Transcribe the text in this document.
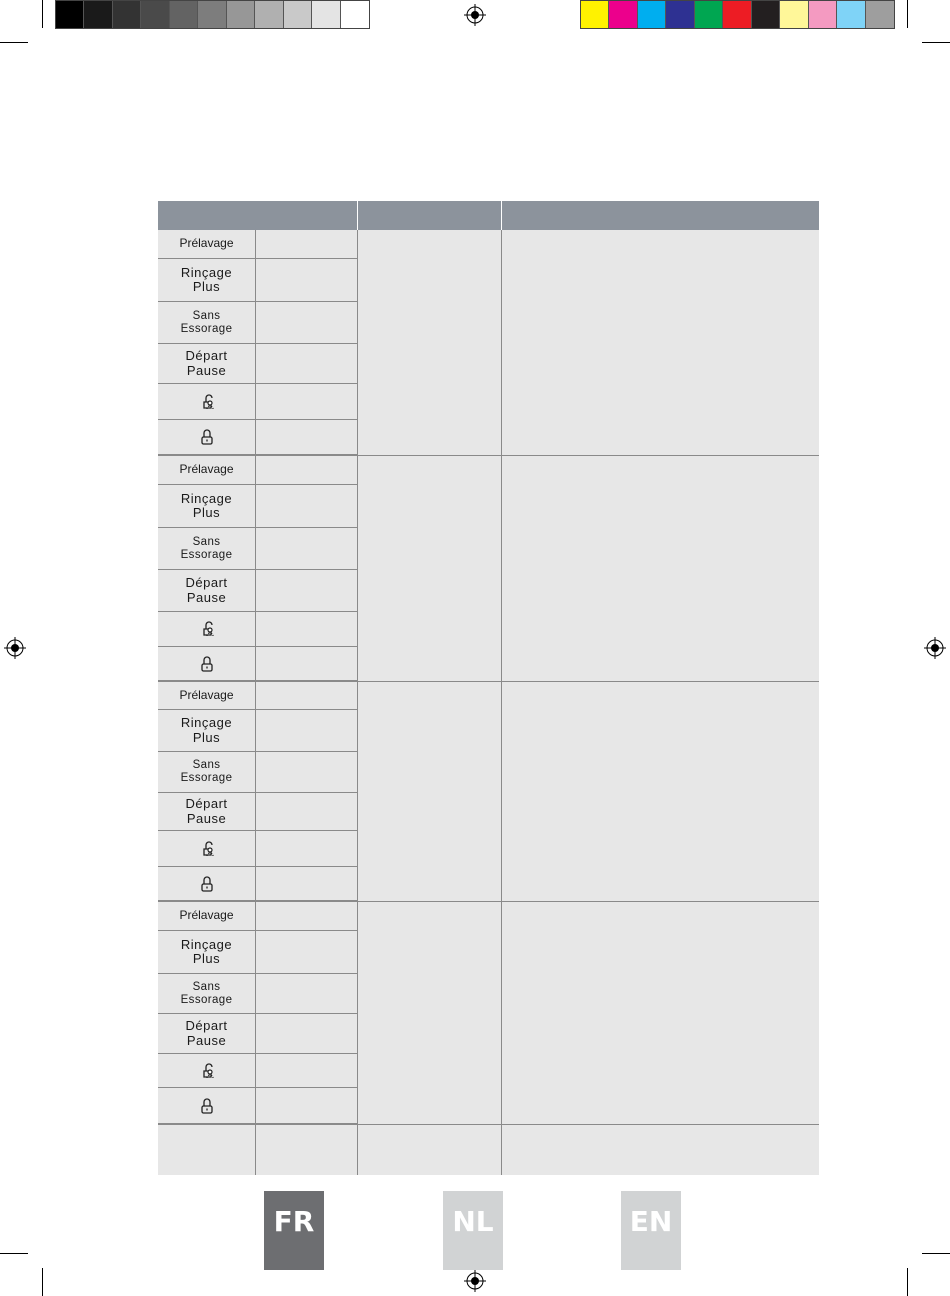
Prélavage
Rinçage
Plus
Sans
Essorage
Départ
Pause
Prélavage
Rinçage
Plus
Sans
Essorage
Départ
Pause
Prélavage
Rinçage
Plus
Sans
Essorage
Départ
Pause
Prélavage
Rinçage
Plus
Sans
Essorage
Départ
Pause
FR	NL	EN
